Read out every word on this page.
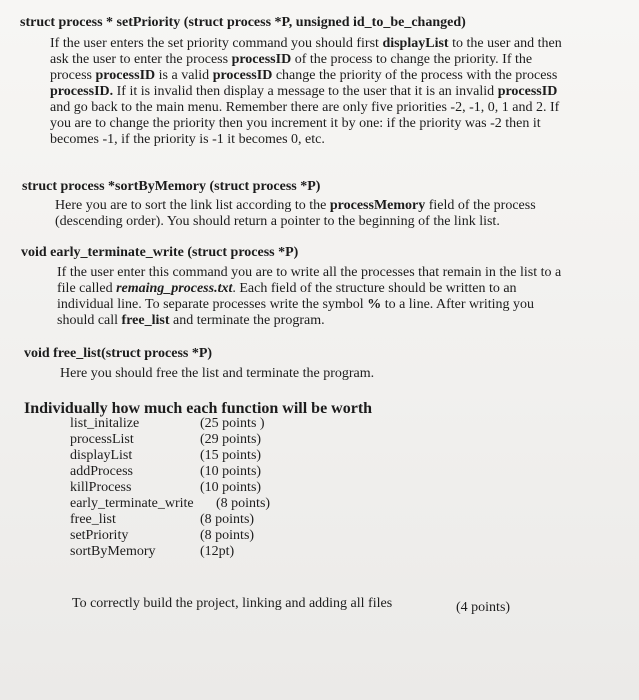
struct process * setPriority (struct process *P, unsigned id_to_be_changed)

If the user enters the set priority command you should first displayList to the user and then

ask the user to enter the process processID of the process to change the priority. If the

process processID is a valid processID change the priority of the process with the process

processID. If it is invalid then display a message to the user that it is an invalid processID

and go back to the main menu. Remember there are only five priorities -2, -1, 0, 1 and 2. If

you are to change the priority then you increment it by one: if the priority was -2 then it

becomes -1, if the priority is -1 it becomes 0, etc.

struct process *sortByMemory (struct process *P)

Here you are to sort the link list according to the processMemory field of the process

(descending order). You should return a pointer to the beginning of the link list.

void early_terminate_write (struct process *P)

If the user enter this command you are to write all the processes that remain in the list to a

file called remaing_process.txt. Each field of the structure should be written to an

individual line. To separate processes write the symbol % to a line. After writing you

should call free_list and terminate the program.

void free_list(struct process *P)

Here you should free the list and terminate the program.

Individually how much each function will be worth
list_initalize	(25 points )
processList	(29 points)
displayList	(15 points)
addProcess	(10 points)
killProcess	(10 points)
early_terminate_write (8 points)
free_list	(8 points)
setPriority	(8 points)
sortByMemory	(12pt)
To correctly build the project, linking and adding all files	(4 points)
